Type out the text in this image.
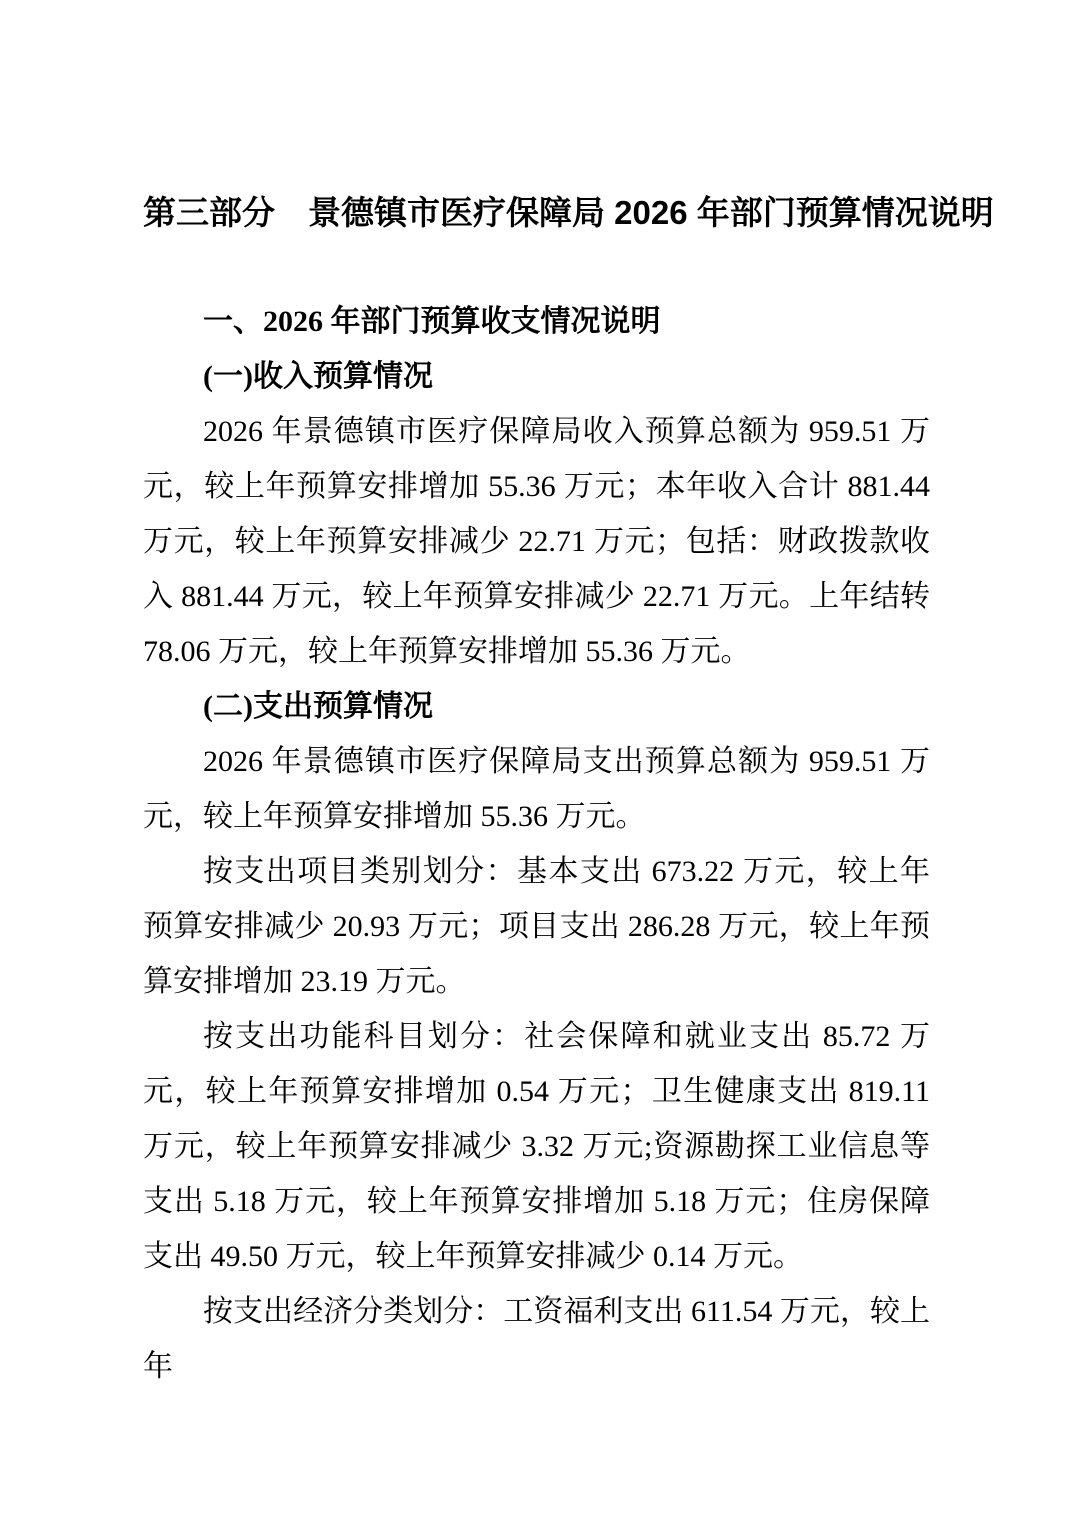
第三部分　景德镇市医疗保障局 2026 年部门预算情况说明
一、2026 年部门预算收支情况说明
(一)收入预算情况

2026 年景德镇市医疗保障局收入预算总额为 959.51 万元，较上年预算安排增加 55.36 万元；本年收入合计 881.44 万元，较上年预算安排减少 22.71 万元；包括：财政拨款收入 881.44 万元，较上年预算安排减少 22.71 万元。上年结转 78.06 万元，较上年预算安排增加 55.36 万元。

(二)支出预算情况

2026 年景德镇市医疗保障局支出预算总额为 959.51 万元，较上年预算安排增加 55.36 万元。

按支出项目类别划分：基本支出 673.22 万元，较上年预算安排减少 20.93 万元；项目支出 286.28 万元，较上年预算安排增加 23.19 万元。

按支出功能科目划分：社会保障和就业支出 85.72 万元，较上年预算安排增加 0.54 万元；卫生健康支出 819.11 万元，较上年预算安排减少 3.32 万元;资源勘探工业信息等支出 5.18 万元，较上年预算安排增加 5.18 万元；住房保障支出 49.50 万元，较上年预算安排减少 0.14 万元。

按支出经济分类划分：工资福利支出 611.54 万元，较上年
